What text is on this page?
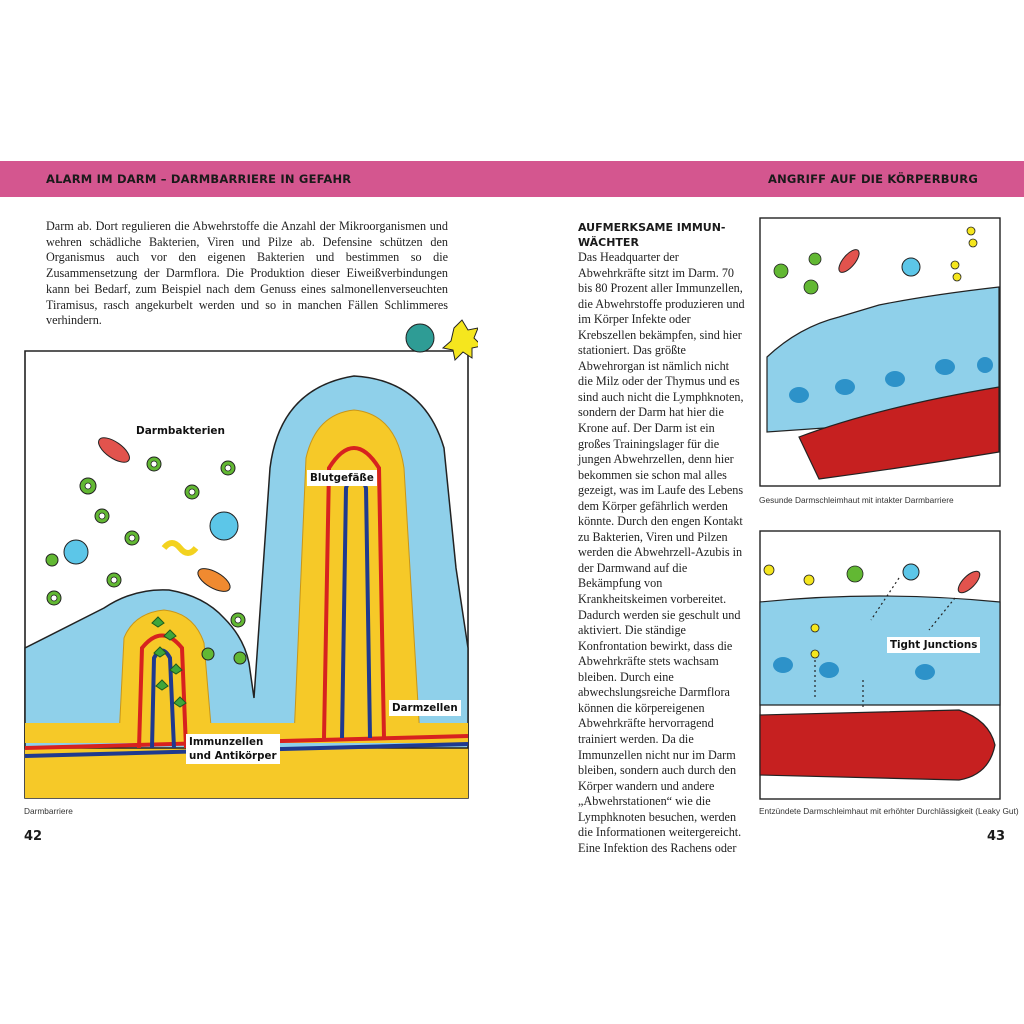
ALARM IM DARM – DARMBARRIERE IN GEFAHR	ANGRIFF AUF DIE KÖRPERBURG

Darm ab. Dort regulieren die Abwehrstoffe die Anzahl der Mikroorganismen und wehren schädliche Bakterien, Viren und Pilze ab. Defensine schützen den Organismus auch vor den eigenen Bakterien und bestimmen so die Zusammensetzung der Darmflora. Die Produktion dieser Eiweißverbindungen kann bei Bedarf, zum Beispiel nach dem Genuss eines salmonellenverseuchten Tiramisus, rasch angekurbelt werden und so in manchen Fällen Schlimmeres verhindern.

Darmbakterien
Blutgefäße
Darmzellen
Immunzellen
und Antikörper
Darmbarriere
42

AUFMERKSAME IMMUN-WÄCHTER

Das Headquarter der Abwehrkräfte sitzt im Darm. 70 bis 80 Prozent aller Immunzellen, die Abwehrstoffe produzieren und im Körper Infekte oder Krebszellen bekämpfen, sind hier stationiert. Das größte Abwehrorgan ist nämlich nicht die Milz oder der Thymus und es sind auch nicht die Lymphknoten, sondern der Darm hat hier die Krone auf. Der Darm ist ein großes Trainingslager für die jungen Abwehrzellen, denn hier bekommen sie schon mal alles gezeigt, was im Laufe des Lebens dem Körper gefährlich werden könnte. Durch den engen Kontakt zu Bakterien, Viren und Pilzen werden die Abwehrzell-Azubis in der Darmwand auf die Bekämpfung von Krankheitskeimen vorbereitet. Dadurch werden sie geschult und aktiviert. Die ständige Konfrontation bewirkt, dass die Abwehrkräfte stets wachsam bleiben. Durch eine abwechslungsreiche Darmflora können die körpereigenen Abwehrkräfte hervorragend trainiert werden. Da die Immunzellen nicht nur im Darm bleiben, sondern auch durch den Körper wandern und andere „Abwehrstationen“ wie die Lymphknoten besuchen, werden die Informationen weitergereicht. Eine Infektion des Rachens oder

Gesunde Darmschleimhaut mit intakter Darmbarriere
Tight Junctions
Entzündete Darmschleimhaut mit erhöhter Durchlässigkeit (Leaky Gut)
43
